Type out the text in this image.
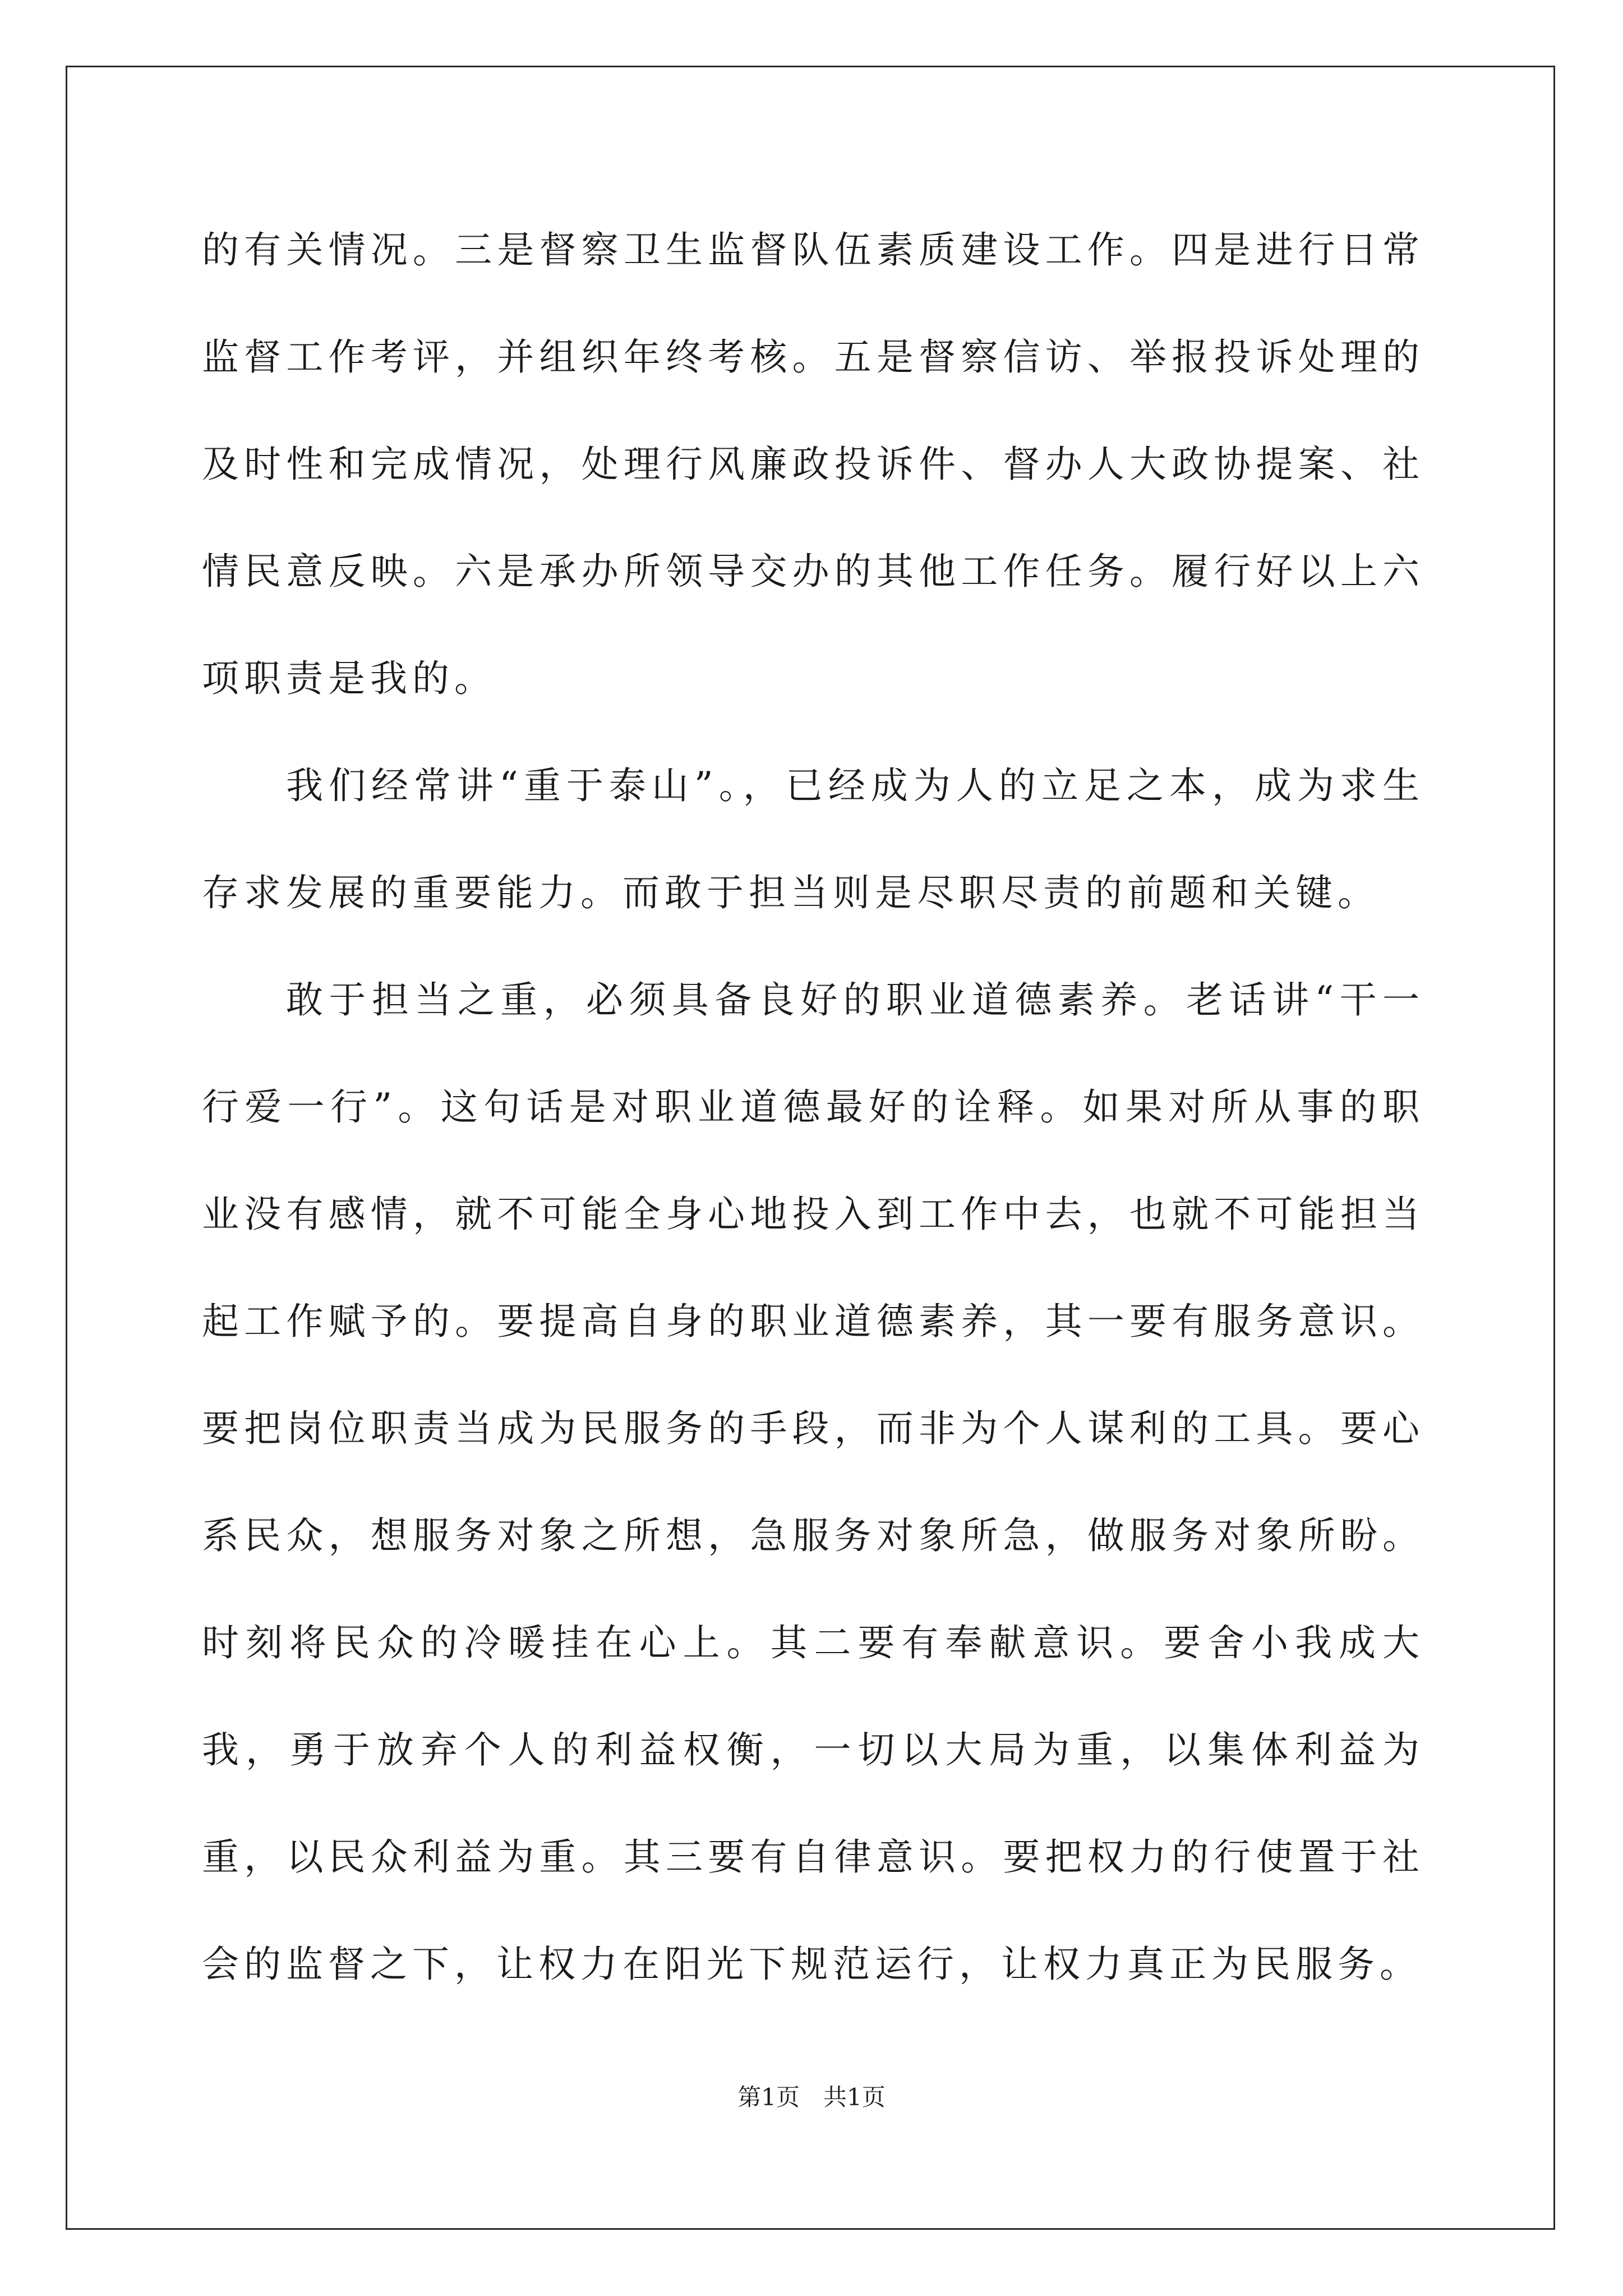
的有关情况。三是督察卫生监督队伍素质建设工作。四是进行日常监督工作考评，并组织年终考核。五是督察信访、举报投诉处理的及时性和完成情况，处理行风廉政投诉件、督办人大政协提案、社情民意反映。六是承办所领导交办的其他工作任务。履行好以上六项职责是我的。

我们经常讲“重于泰山”。，已经成为人的立足之本，成为求生存求发展的重要能力。而敢于担当则是尽职尽责的前题和关键。

敢于担当之重，必须具备良好的职业道德素养。老话讲“干一行爱一行”。这句话是对职业道德最好的诠释。如果对所从事的职业没有感情，就不可能全身心地投入到工作中去，也就不可能担当起工作赋予的。要提高自身的职业道德素养，其一要有服务意识。要把岗位职责当成为民服务的手段，而非为个人谋利的工具。要心系民众，想服务对象之所想，急服务对象所急，做服务对象所盼。时刻将民众的冷暖挂在心上。其二要有奉献意识。要舍小我成大我，勇于放弃个人的利益权衡，一切以大局为重，以集体利益为重，以民众利益为重。其三要有自律意识。要把权力的行使置于社会的监督之下，让权力在阳光下规范运行，让权力真正为民服务。

第1页　共1页
